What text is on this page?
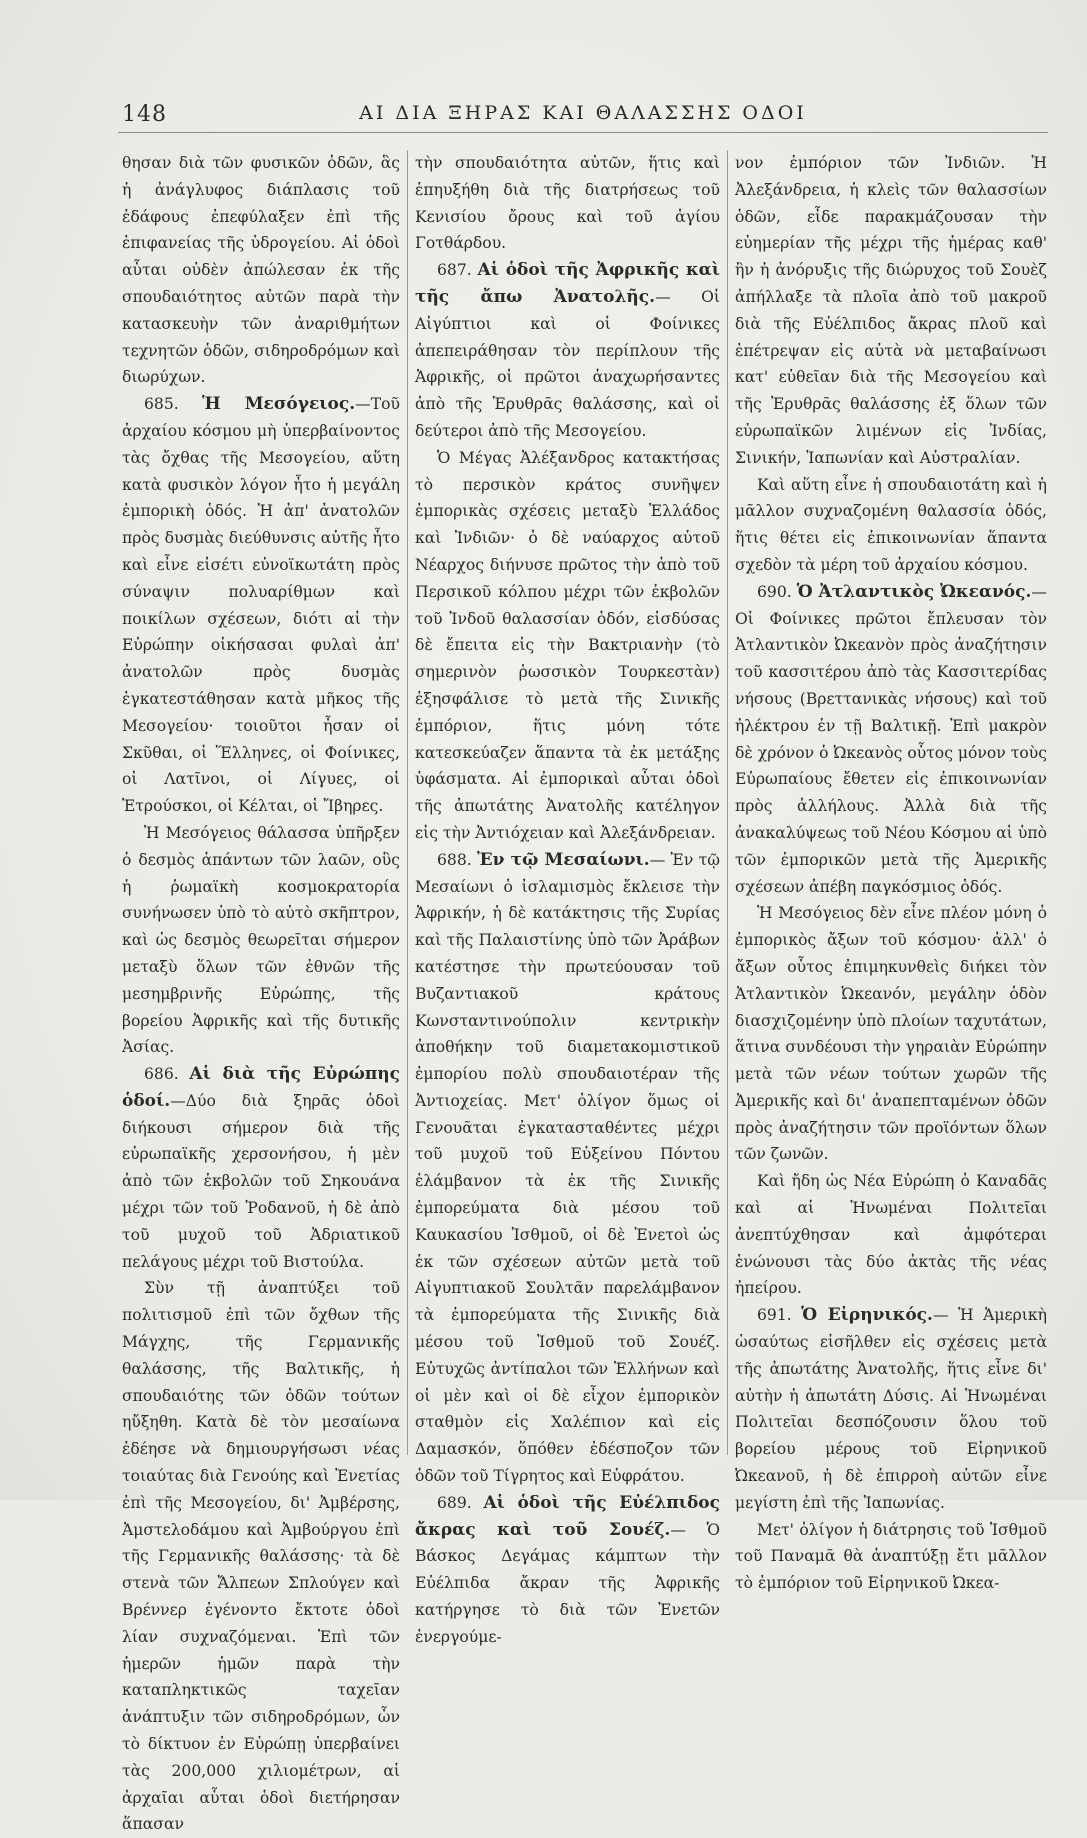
148	ΑΙ ΔΙΑ ΞΗΡΑΣ ΚΑΙ ΘΑΛΑΣΣΗΣ ΟΔΟΙ

θησαν διὰ τῶν φυσικῶν ὁδῶν, ἃς ἡ ἀνάγλυφος διάπλασις τοῦ ἐδάφους ἐπεφύλαξεν ἐπὶ τῆς ἐπιφανείας τῆς ὑδρογείου. Αἱ ὁδοὶ αὗται οὐδὲν ἀπώλεσαν ἐκ τῆς σπουδαιότητος αὐτῶν παρὰ τὴν κατασκευὴν τῶν ἀναριθμήτων τεχνητῶν ὁδῶν, σιδηροδρόμων καὶ διωρύχων.

685. Ἡ Μεσόγειος.—Τοῦ ἀρχαίου κόσμου μὴ ὑπερβαίνοντος τὰς ὄχθας τῆς Μεσογείου, αὕτη κατὰ φυσικὸν λόγον ἦτο ἡ μεγάλη ἐμπορικὴ ὁδός. Ἡ ἀπ' ἀνατολῶν πρὸς δυσμὰς διεύθυνσις αὐτῆς ἦτο καὶ εἶνε εἰσέτι εὐνοϊκωτάτη πρὸς σύναψιν πολυαρίθμων καὶ ποικίλων σχέσεων, διότι αἱ τὴν Εὐρώπην οἰκήσασαι φυλαὶ ἀπ' ἀνατολῶν πρὸς δυσμὰς ἐγκατεστάθησαν κατὰ μῆκος τῆς Μεσογείου· τοιοῦτοι ἦσαν οἱ Σκῦθαι, οἱ Ἕλληνες, οἱ Φοίνικες, οἱ Λατῖνοι, οἱ Λίγυες, οἱ Ἐτρούσκοι, οἱ Κέλται, οἱ Ἴβηρες.

Ἡ Μεσόγειος θάλασσα ὑπῆρξεν ὁ δεσμὸς ἁπάντων τῶν λαῶν, οὓς ἡ ῥωμαϊκὴ κοσμοκρατορία συνήνωσεν ὑπὸ τὸ αὐτὸ σκῆπτρον, καὶ ὡς δεσμὸς θεωρεῖται σήμερον μεταξὺ ὅλων τῶν ἐθνῶν τῆς μεσημβρινῆς Εὐρώπης, τῆς βορείου Ἀφρικῆς καὶ τῆς δυτικῆς Ἀσίας.

686. Αἱ διὰ τῆς Εὐρώπης ὁδοί.—Δύο διὰ ξηρᾶς ὁδοὶ διήκουσι σήμερον διὰ τῆς εὐρωπαϊκῆς χερσονήσου, ἡ μὲν ἀπὸ τῶν ἐκβολῶν τοῦ Σηκουάνα μέχρι τῶν τοῦ Ῥοδανοῦ, ἡ δὲ ἀπὸ τοῦ μυχοῦ τοῦ Ἀδριατικοῦ πελάγους μέχρι τοῦ Βιστούλα.

Σὺν τῇ ἀναπτύξει τοῦ πολιτισμοῦ ἐπὶ τῶν ὄχθων τῆς Μάγχης, τῆς Γερμανικῆς θαλάσσης, τῆς Βαλτικῆς, ἡ σπουδαιότης τῶν ὁδῶν τούτων ηὔξηθη. Κατὰ δὲ τὸν μεσαίωνα ἐδέησε νὰ δημιουργήσωσι νέας τοιαύτας διὰ Γενούης καὶ Ἐνετίας ἐπὶ τῆς Μεσογείου, δι' Ἀμβέρσης, Ἀμστελοδάμου καὶ Ἀμβούργου ἐπὶ τῆς Γερμανικῆς θαλάσσης· τὰ δὲ στενὰ τῶν Ἄλπεων Σπλούγεν καὶ Βρέννερ ἐγένοντο ἔκτοτε ὁδοὶ λίαν συχναζόμεναι. Ἐπὶ τῶν ἡμερῶν ἡμῶν παρὰ τὴν καταπληκτικῶς ταχεῖαν ἀνάπτυξιν τῶν σιδηροδρόμων, ὧν τὸ δίκτυον ἐν Εὐρώπῃ ὑπερβαίνει τὰς 200,000 χιλιομέτρων, αἱ ἀρχαῖαι αὗται ὁδοὶ διετήρησαν ἅπασαν

τὴν σπουδαιότητα αὐτῶν, ἥτις καὶ ἐπηυξήθη διὰ τῆς διατρήσεως τοῦ Κενισίου ὄρους καὶ τοῦ ἁγίου Γοτθάρδου.

687. Αἱ ὁδοὶ τῆς Ἀφρικῆς καὶ τῆς ἄπω Ἀνατολῆς.— Οἱ Αἰγύπτιοι καὶ οἱ Φοίνικες ἀπεπειράθησαν τὸν περίπλουν τῆς Ἀφρικῆς, οἱ πρῶτοι ἀναχωρήσαντες ἀπὸ τῆς Ἐρυθρᾶς θαλάσσης, καὶ οἱ δεύτεροι ἀπὸ τῆς Μεσογείου.

Ὁ Μέγας Ἀλέξανδρος κατακτήσας τὸ περσικὸν κράτος συνῆψεν ἐμπορικὰς σχέσεις μεταξὺ Ἑλλάδος καὶ Ἰνδιῶν· ὁ δὲ ναύαρχος αὐτοῦ Νέαρχος διήνυσε πρῶτος τὴν ἀπὸ τοῦ Περσικοῦ κόλπου μέχρι τῶν ἐκβολῶν τοῦ Ἰνδοῦ θαλασσίαν ὁδόν, εἰσδύσας δὲ ἔπειτα εἰς τὴν Βακτριανὴν (τὸ σημερινὸν ῥωσσικὸν Τουρκεστὰν) ἐξησφάλισε τὸ μετὰ τῆς Σινικῆς ἐμπόριον, ἥτις μόνη τότε κατεσκεύαζεν ἅπαντα τὰ ἐκ μετάξης ὑφάσματα. Αἱ ἐμπορικαὶ αὗται ὁδοὶ τῆς ἀπωτάτης Ἀνατολῆς κατέληγον εἰς τὴν Ἀντιόχειαν καὶ Ἀλεξάνδρειαν.

688. Ἐν τῷ Μεσαίωνι.— Ἐν τῷ Μεσαίωνι ὁ ἰσλαμισμὸς ἔκλεισε τὴν Ἀφρικήν, ἡ δὲ κατάκτησις τῆς Συρίας καὶ τῆς Παλαιστίνης ὑπὸ τῶν Ἀράβων κατέστησε τὴν πρωτεύουσαν τοῦ Βυζαντιακοῦ κράτους Κωνσταντινούπολιν κεντρικὴν ἀποθήκην τοῦ διαμετακομιστικοῦ ἐμπορίου πολὺ σπουδαιοτέραν τῆς Ἀντιοχείας. Μετ' ὀλίγον ὅμως οἱ Γενουᾶται ἐγκατασταθέντες μέχρι τοῦ μυχοῦ τοῦ Εὐξείνου Πόντου ἐλάμβανον τὰ ἐκ τῆς Σινικῆς ἐμπορεύματα διὰ μέσου τοῦ Καυκασίου Ἰσθμοῦ, οἱ δὲ Ἐνετοὶ ὡς ἐκ τῶν σχέσεων αὐτῶν μετὰ τοῦ Αἰγυπτιακοῦ Σουλτᾶν παρελάμβανον τὰ ἐμπορεύματα τῆς Σινικῆς διὰ μέσου τοῦ Ἰσθμοῦ τοῦ Σουέζ. Εὐτυχῶς ἀντίπαλοι τῶν Ἑλλήνων καὶ οἱ μὲν καὶ οἱ δὲ εἶχον ἐμπορικὸν σταθμὸν εἰς Χαλέπιον καὶ εἰς Δαμασκόν, ὅπόθεν ἐδέσποζον τῶν ὁδῶν τοῦ Τίγρητος καὶ Εὐφράτου.

689. Αἱ ὁδοὶ τῆς Εὐέλπιδος ἄκρας καὶ τοῦ Σουέζ.— Ὁ Βάσκος Δεγάμας κάμπτων τὴν Εὐέλπιδα ἄκραν τῆς Ἀφρικῆς κατήργησε τὸ διὰ τῶν Ἐνετῶν ἐνεργούμε-

νον ἐμπόριον τῶν Ἰνδιῶν. Ἡ Ἀλεξάνδρεια, ἡ κλεὶς τῶν θαλασσίων ὁδῶν, εἶδε παρακμάζουσαν τὴν εὐημερίαν τῆς μέχρι τῆς ἡμέρας καθ' ἣν ἡ ἀνόρυξις τῆς διώρυχος τοῦ Σουὲζ ἀπήλλαξε τὰ πλοῖα ἀπὸ τοῦ μακροῦ διὰ τῆς Εὐέλπιδος ἄκρας πλοῦ καὶ ἐπέτρεψαν εἰς αὐτὰ νὰ μεταβαίνωσι κατ' εὐθεῖαν διὰ τῆς Μεσογείου καὶ τῆς Ἐρυθρᾶς θαλάσσης ἐξ ὅλων τῶν εὐρωπαϊκῶν λιμένων εἰς Ἰνδίας, Σινικήν, Ἰαπωνίαν καὶ Αὐστραλίαν.

Καὶ αὕτη εἶνε ἡ σπουδαιοτάτη καὶ ἡ μᾶλλον συχναζομένη θαλασσία ὁδός, ἥτις θέτει εἰς ἐπικοινωνίαν ἅπαντα σχεδὸν τὰ μέρη τοῦ ἀρχαίου κόσμου.

690. Ὁ Ἀτλαντικὸς Ὠκεανός.—Οἱ Φοίνικες πρῶτοι ἔπλευσαν τὸν Ἀτλαντικὸν Ὠκεανὸν πρὸς ἀναζήτησιν τοῦ κασσιτέρου ἀπὸ τὰς Κασσιτερίδας νήσους (Βρεττανικὰς νήσους) καὶ τοῦ ἠλέκτρου ἐν τῇ Βαλτικῇ. Ἐπὶ μακρὸν δὲ χρόνον ὁ Ὠκεανὸς οὗτος μόνον τοὺς Εὐρωπαίους ἔθετεν εἰς ἐπικοινωνίαν πρὸς ἀλλήλους. Ἀλλὰ διὰ τῆς ἀνακαλύψεως τοῦ Νέου Κόσμου αἱ ὑπὸ τῶν ἐμπορικῶν μετὰ τῆς Ἀμερικῆς σχέσεων ἀπέβη παγκόσμιος ὁδός.

Ἡ Μεσόγειος δὲν εἶνε πλέον μόνη ὁ ἐμπορικὸς ἄξων τοῦ κόσμου· ἀλλ' ὁ ἄξων οὗτος ἐπιμηκυνθεὶς διήκει τὸν Ἀτλαντικὸν Ὠκεανόν, μεγάλην ὁδὸν διασχιζομένην ὑπὸ πλοίων ταχυτάτων, ἅτινα συνδέουσι τὴν γηραιὰν Εὐρώπην μετὰ τῶν νέων τούτων χωρῶν τῆς Ἀμερικῆς καὶ δι' ἀναπεπταμένων ὁδῶν πρὸς ἀναζήτησιν τῶν προϊόντων ὅλων τῶν ζωνῶν.

Καὶ ἤδη ὡς Νέα Εὐρώπη ὁ Καναδᾶς καὶ αἱ Ἡνωμέναι Πολιτεῖαι ἀνεπτύχθησαν καὶ ἀμφότεραι ἑνώνουσι τὰς δύο ἀκτὰς τῆς νέας ἠπείρου.

691. Ὁ Εἰρηνικός.— Ἡ Ἀμερικὴ ὡσαύτως εἰσῆλθεν εἰς σχέσεις μετὰ τῆς ἀπωτάτης Ἀνατολῆς, ἥτις εἶνε δι' αὐτὴν ἡ ἀπωτάτη Δύσις. Αἱ Ἡνωμέναι Πολιτεῖαι δεσπόζουσιν ὅλου τοῦ βορείου μέρους τοῦ Εἰρηνικοῦ Ὠκεανοῦ, ἡ δὲ ἐπιρροὴ αὐτῶν εἶνε μεγίστη ἐπὶ τῆς Ἰαπωνίας.

Μετ' ὀλίγον ἡ διάτρησις τοῦ Ἰσθμοῦ τοῦ Παναμᾶ θὰ ἀναπτύξῃ ἔτι μᾶλλον τὸ ἐμπόριον τοῦ Εἰρηνικοῦ Ὠκεα-
